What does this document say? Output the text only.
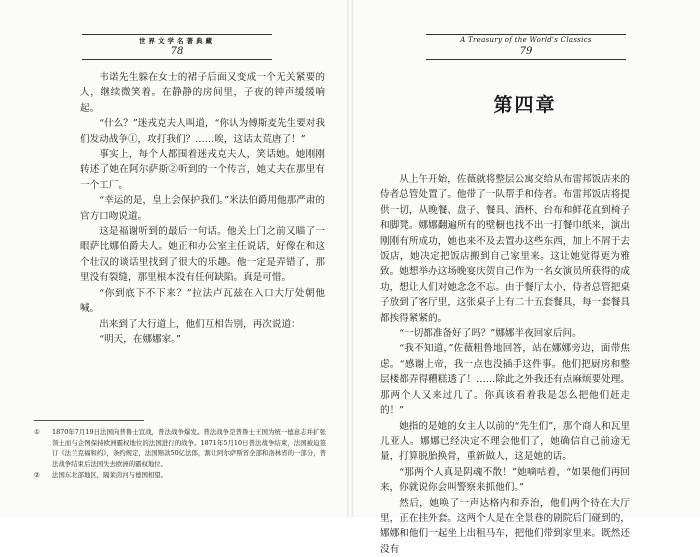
世界文学名著典藏
78

韦诺先生躲在女士的裙子后面又变成一个无关紧要的人，继续微笑着。在静静的房间里，子夜的钟声缓缓响起。

“什么？”迷戎克夫人叫道，“你认为傅斯麦先生要对我们发动战争①，攻打我们？……唉，这话太荒唐了！”

事实上，每个人都围着迷戎克夫人，笑话她。她刚刚转述了她在阿尔萨斯②听到的一个传言，她丈夫在那里有一个工厂。

“幸运的是，皇上会保护我们。”米法伯爵用他那严肃的官方口吻说道。

这是福谢听到的最后一句话。他关上门之前又瞄了一眼萨比娜伯爵夫人。她正和办公室主任说话，好像在和这个壮汉的谈话里找到了很大的乐趣。他一定是弄错了，那里没有裂缝，那里根本没有任何缺陷。真是可惜。

“你到底下不下来？”拉法卢瓦兹在入口大厅处朝他喊。

出来到了大行道上，他们互相告别，再次说道：

“明天，在娜娜家。”

①	1870年7月19日法国向普鲁士宣战，普法战争爆发。普法战争是普鲁士王国为统一德意志并扩张领土而与企图保持欧洲霸权地位的法国进行的战争。1871年5月10日普法战争结束，法国被迫签订《法兰克福和约》，条约规定，法国赔款50亿法郎，割让阿尔萨斯省全部和洛林省的一部分，普法战争结束后法国失去欧洲的霸权地位。
②	法国东北部地区，隔莱茵河与德国相望。
A Treasury of the World's Classics
79
第四章

从上午开始，佐薇就将整层公寓交给从布雷邦饭店来的侍者总管处置了。他带了一队帮手和侍者。布雷邦饭店将提供一切，从晚餐、盘子、餐具、酒杯、台布和鲜花直到椅子和脚凳。娜娜翻遍所有的壁橱也找不出一打餐巾纸来，演出刚刚有所成功，她也来不及去置办这些东西，加上不屑于去饭店，她决定把饭店搬到自己家里来。这让她觉得更为雅致。她想举办这场晚宴庆贺自己作为一名女演员所获得的成功，想让人们对她念念不忘。由于餐厅太小，侍者总管把桌子放到了客厅里，这张桌子上有二十五套餐具，每一套餐具都挨得紧紧的。

“一切都准备好了吗？”娜娜半夜回家后问。

“我不知道，”佐薇粗鲁地回答，站在娜娜旁边，面带焦虑。“感谢上帝，我一点也没插手这件事。他们把厨房和整层楼都弄得糟糕透了！……除此之外我还有点麻烦要处理。那两个人又来过几了。你真该看着我是怎么把他们赶走的！”

她指的是她的女主人以前的“先生们”，那个商人和瓦里儿亚人。娜娜已经决定不理会他们了，她确信自己前途无量，打算脱胎换骨，重新做人，这是她的话。

“那两个人真是阴魂不散！”她嘀咕着，“如果他们再回来，你就说你会叫警察来抓他们。”

然后，她唤了一声达格内和乔治，他们两个待在大厅里，正在挂外套。这两个人是在全景巷的剧院后门碰到的，娜娜和他们一起坐上出租马车，把他们带到家里来。既然还没有
